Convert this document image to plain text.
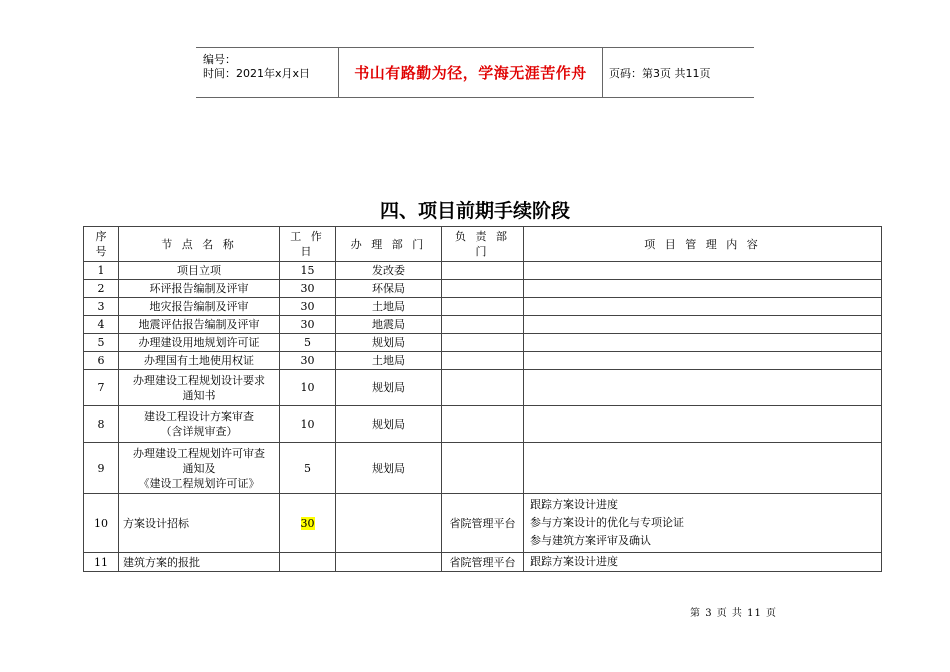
编号：
时间：2021年x月x日	书山有路勤为径，学海无涯苦作舟 页码：第3页 共11页
四、项目前期手续阶段
序号	节 点 名 称	工 作 日	办 理 部 门	负 责 部 门	项 目 管 理 内 容
1	项目立项	15	发改委		
2	环评报告编制及评审	30	环保局		
3	地灾报告编制及评审	30	土地局		
4	地震评估报告编制及评审	30	地震局		
5	办理建设用地规划许可证	5	规划局		
6	办理国有土地使用权证	30	土地局		
7	办理建设工程规划设计要求
通知书	10	规划局		
8	建设工程设计方案审查
（含详规审查）	10	规划局		
9	办理建设工程规划许可审查
通知及
《建设工程规划许可证》	5	规划局		
10	方案设计招标	30		省院管理平台	跟踪方案设计进度
参与方案设计的优化与专项论证
参与建筑方案评审及确认

11	建筑方案的报批			省院管理平台	跟踪方案设计进度
第 3 页 共 11 页
